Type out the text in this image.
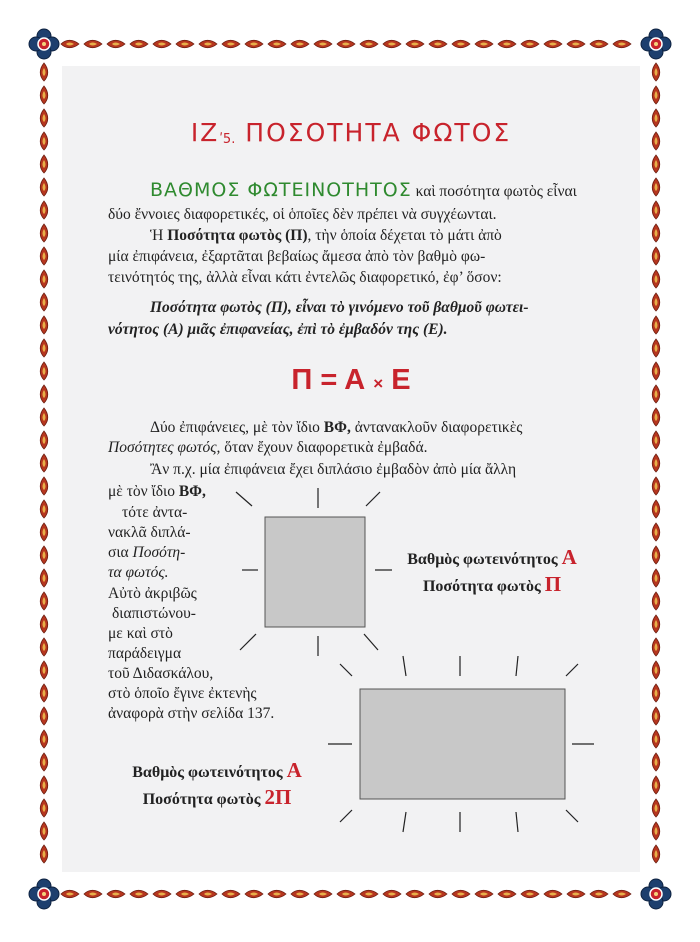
ΙΖʹ5. ΠΟΣΟΤΗΤΑ ΦΩΤΟΣ
ΒΑΘΜΟΣ ΦΩΤΕΙΝΟΤΗΤΟΣ καὶ ποσότητα φωτὸς εἶναι
δύο ἔννοιες διαφορετικές, οἱ ὁποῖες δὲν πρέπει νὰ συγχέωνται.
Ἡ Ποσότητα φωτὸς (Π), τὴν ὁποία δέχεται τὸ μάτι ἀπὸ
μία ἐπιφάνεια, ἐξαρτᾶται βεβαίως ἄμεσα ἀπὸ τὸν βαθμὸ φω-
τεινότητός της, ἀλλὰ εἶναι κάτι ἐντελῶς διαφορετικό, ἐφ’ ὅσον:
Ποσότητα φωτὸς (Π), εἶναι τὸ γινόμενο τοῦ βαθμοῦ φωτει-
νότητος (Α) μιᾶς ἐπιφανείας, ἐπὶ τὸ ἐμβαδόν της (Ε).
Π = Α × Ε
Δύο ἐπιφάνειες, μὲ τὸν ἴδιο ΒΦ, ἀντανακλοῦν διαφορετικὲς
Ποσότητες φωτός, ὅταν ἔχουν διαφορετικὰ ἐμβαδά.
Ἂν π.χ. μία ἐπιφάνεια ἔχει διπλάσιο ἐμβαδὸν ἀπὸ μία ἄλλη
μὲ τὸν ἴδιο ΒΦ,
τότε ἀντα-
νακλᾶ διπλά-
σια Ποσότη-
τα φωτός.
Αὐτὸ ἀκριβῶς
διαπιστώνου-
με καὶ στὸ
παράδειγμα
τοῦ Διδασκάλου,
στὸ ὁποῖο ἔγινε ἐκτενὴς
ἀναφορὰ στὴν σελίδα 137.
Βαθμὸς φωτεινότητος Α
Ποσότητα φωτὸς Π
Βαθμὸς φωτεινότητος Α
Ποσότητα φωτὸς 2Π
